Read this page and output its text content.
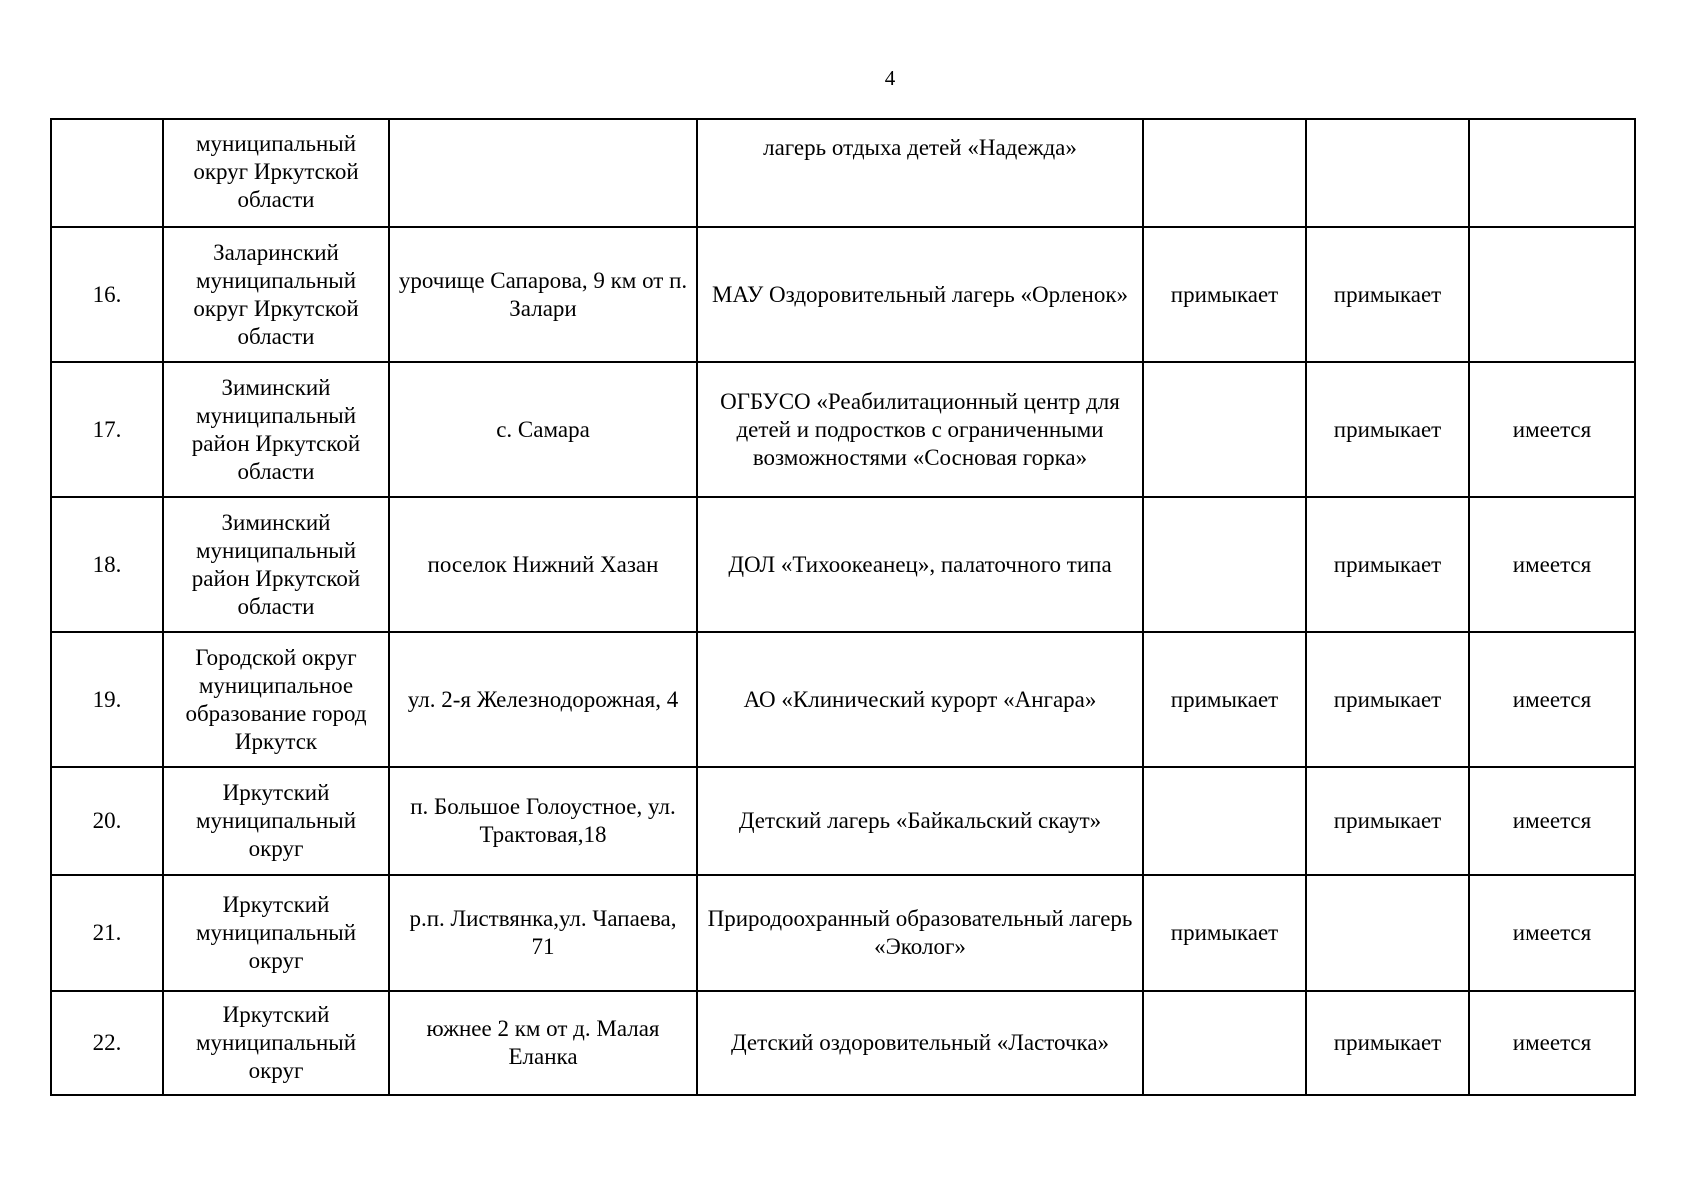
4
	муниципальный округ Иркутской области		лагерь отдыха детей «Надежда»			
16.	Заларинский муниципальный округ Иркутской области	урочище Сапарова, 9 км от п. Залари	МАУ Оздоровительный лагерь «Орленок»	примыкает	примыкает	
17.	Зиминский муниципальный район Иркутской области	с. Самара	ОГБУСО «Реабилитационный центр для детей и подростков с ограниченными возможностями «Сосновая горка»		примыкает	имеется
18.	Зиминский муниципальный район Иркутской области	поселок Нижний Хазан	ДОЛ «Тихоокеанец», палаточного типа		примыкает	имеется
19.	Городской округ муниципальное образование город Иркутск	ул. 2-я Железнодорожная, 4	АО «Клинический курорт «Ангара»	примыкает	примыкает	имеется
20.	Иркутский муниципальный округ	п. Большое Голоустное, ул. Трактовая,18	Детский лагерь «Байкальский скаут»		примыкает	имеется
21.	Иркутский муниципальный округ	р.п. Листвянка,ул. Чапаева, 71	Природоохранный образовательный лагерь «Эколог»	примыкает		имеется
22.	Иркутский муниципальный округ	южнее 2 км от д. Малая Еланка	Детский оздоровительный «Ласточка»		примыкает	имеется
